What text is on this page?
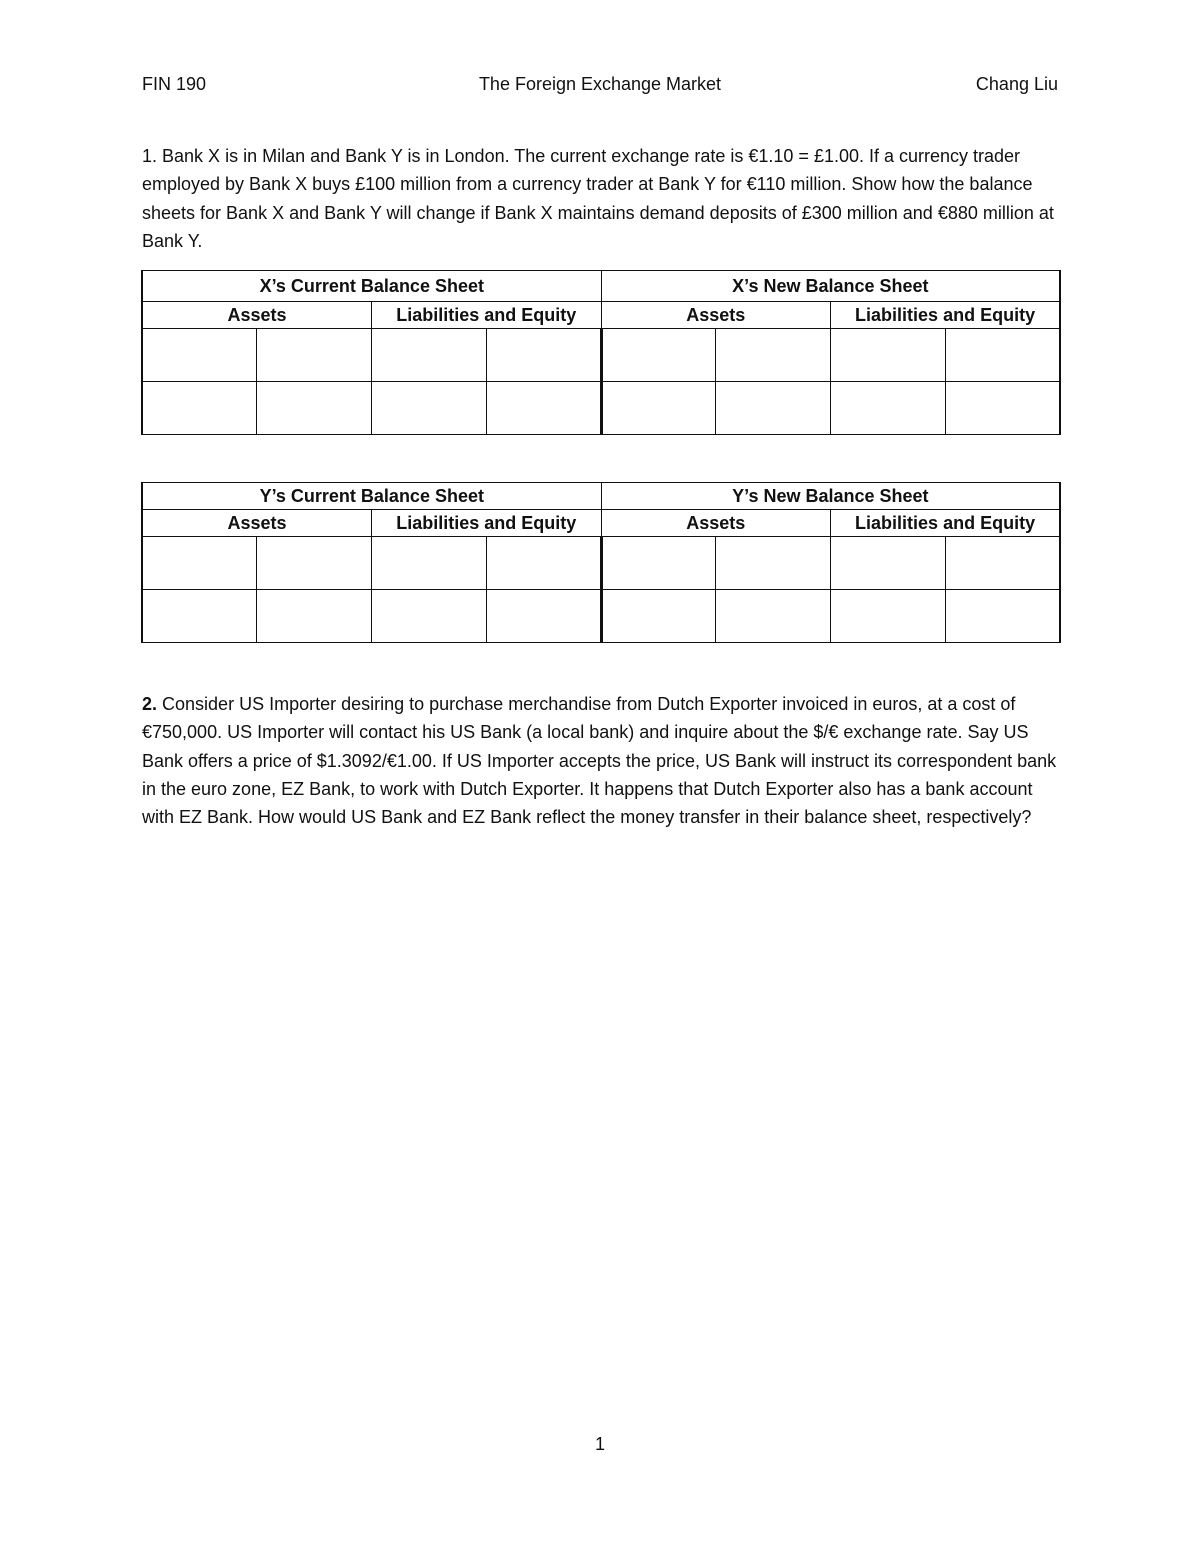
FIN 190	The Foreign Exchange Market	Chang Liu

1. Bank X is in Milan and Bank Y is in London. The current exchange rate is €1.10 = £1.00. If a currency trader employed by Bank X buys £100 million from a currency trader at Bank Y for €110 million. Show how the balance sheets for Bank X and Bank Y will change if Bank X maintains demand deposits of £300 million and €880 million at Bank Y.

X’s Current Balance Sheet				X’s New Balance Sheet			
Assets		Liabilities and Equity		Assets		Liabilities and Equity	

Y’s Current Balance Sheet				Y’s New Balance Sheet			
Assets		Liabilities and Equity		Assets		Liabilities and Equity	

2. Consider US Importer desiring to purchase merchandise from Dutch Exporter invoiced in euros, at a cost of €750,000. US Importer will contact his US Bank (a local bank) and inquire about the $/€ exchange rate. Say US Bank offers a price of $1.3092/€1.00. If US Importer accepts the price, US Bank will instruct its correspondent bank in the euro zone, EZ Bank, to work with Dutch Exporter. It happens that Dutch Exporter also has a bank account with EZ Bank. How would US Bank and EZ Bank reflect the money transfer in their balance sheet, respectively?

1
